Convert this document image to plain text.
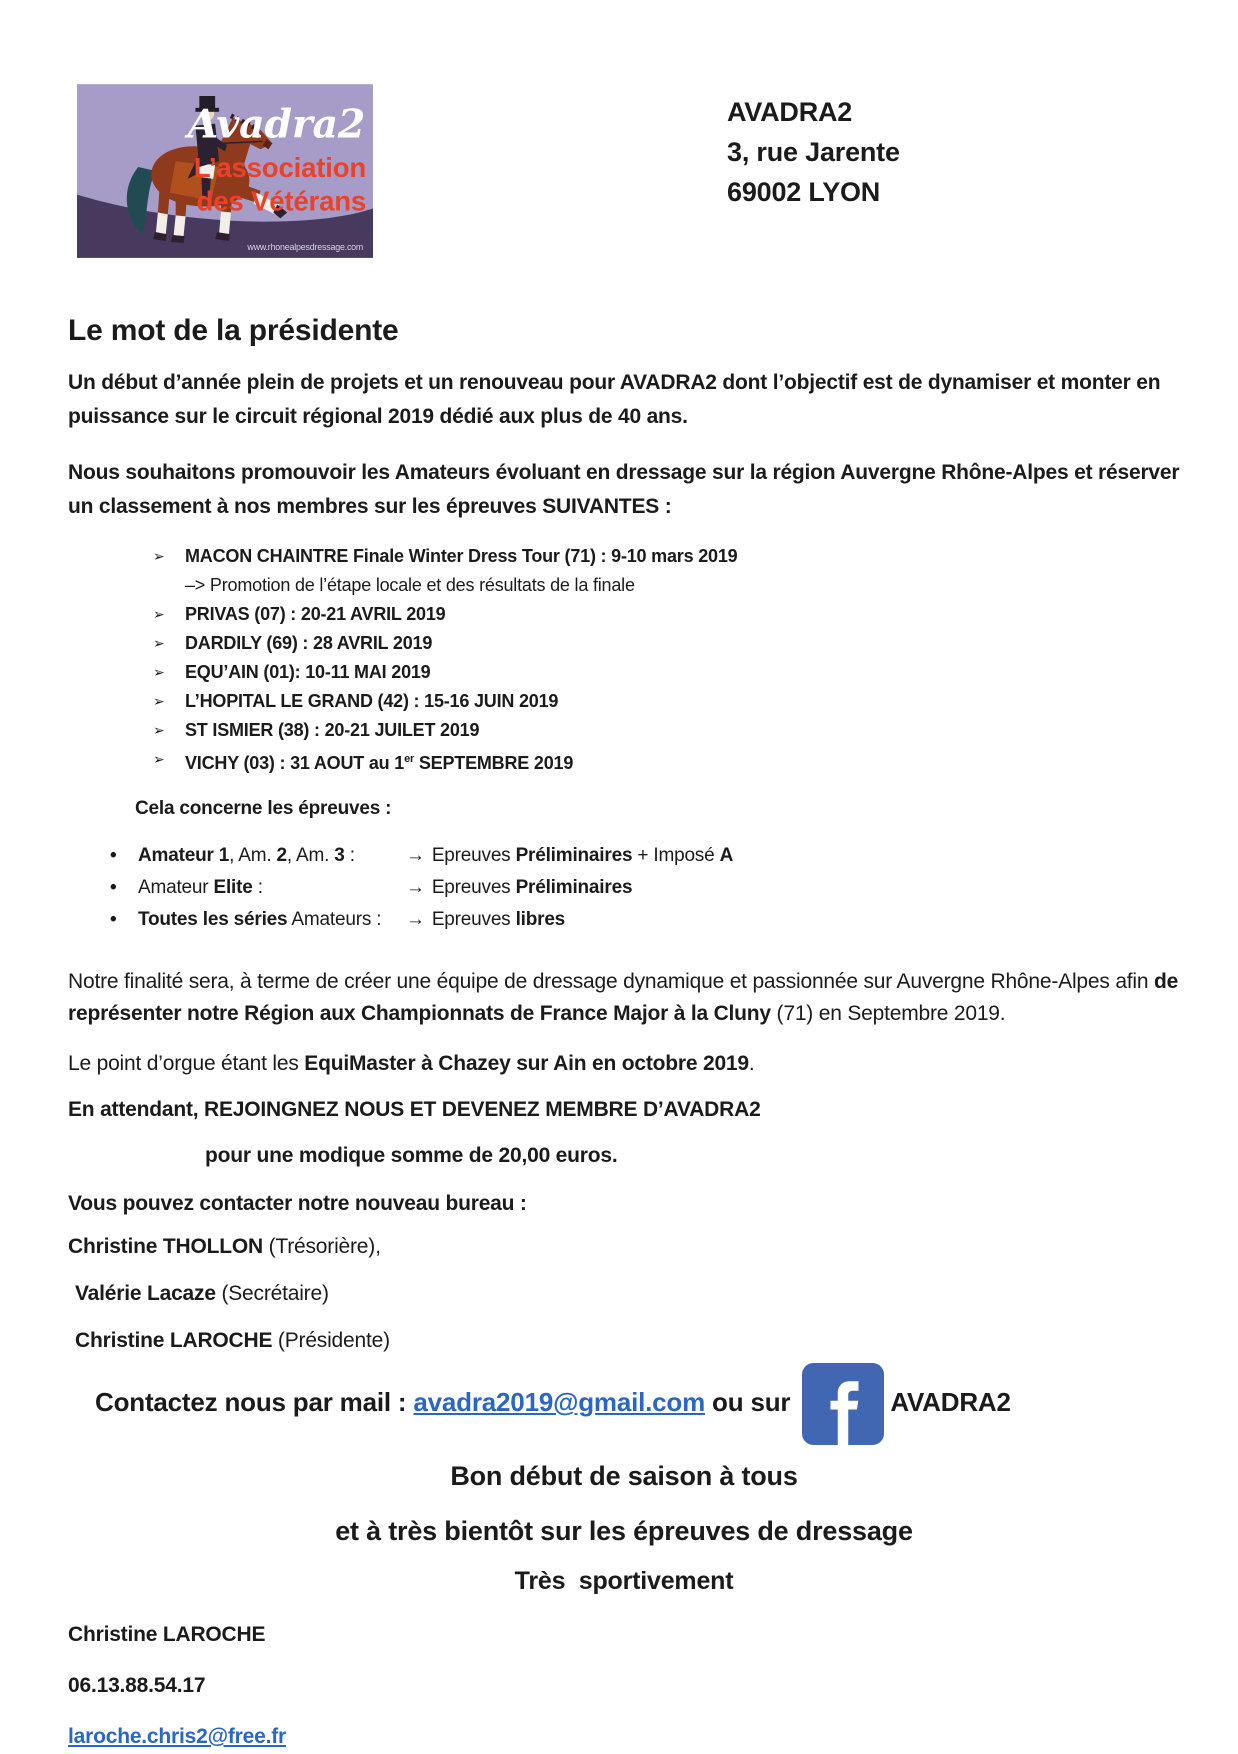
Avadra2
L’association
des Vétérans
www.rhonealpesdressage.com
AVADRA2
3, rue Jarente
69002 LYON
Le mot de la présidente
Un début d’année plein de projets et un renouveau pour AVADRA2 dont l’objectif est de dynamiser et monter en puissance sur le circuit régional 2019 dédié aux plus de 40 ans.
Nous souhaitons promouvoir les Amateurs évoluant en dressage sur la région Auvergne Rhône-Alpes et réserver un classement à nos membres sur les épreuves SUIVANTES :
➢ MACON CHAINTRE Finale Winter Dress Tour (71) : 9-10 mars 2019
–> Promotion de l’étape locale et des résultats de la finale
➢ PRIVAS (07) : 20-21 AVRIL 2019
➢ DARDILY (69) : 28 AVRIL 2019
➢ EQU’AIN (01): 10-11 MAI 2019
➢ L’HOPITAL LE GRAND (42) : 15-16 JUIN 2019
➢ ST ISMIER (38) : 20-21 JUILET 2019
➢ VICHY (03) : 31 AOUT au 1er SEPTEMBRE 2019
Cela concerne les épreuves :
•	Amateur 1, Am. 2, Am. 3 :	→ Epreuves Préliminaires + Imposé A
•	Amateur Elite :	→ Epreuves Préliminaires
•	Toutes les séries Amateurs :	→ Epreuves libres
Notre finalité sera, à terme de créer une équipe de dressage dynamique et passionnée sur Auvergne Rhône-Alpes afin de représenter notre Région aux Championnats de France Major à la Cluny (71) en Septembre 2019.
Le point d’orgue étant les EquiMaster à Chazey sur Ain en octobre 2019.
En attendant, REJOINGNEZ NOUS ET DEVENEZ MEMBRE D’AVADRA2
pour une modique somme de 20,00 euros.
Vous pouvez contacter notre nouveau bureau :
Christine THOLLON (Trésorière),
Valérie Lacaze (Secrétaire)
Christine LAROCHE (Présidente)
Contactez nous par mail : avadra2019@gmail.com ou sur	AVADRA2
Bon début de saison à tous
et à très bientôt sur les épreuves de dressage
Très  sportivement
Christine LAROCHE
06.13.88.54.17
laroche.chris2@free.fr
